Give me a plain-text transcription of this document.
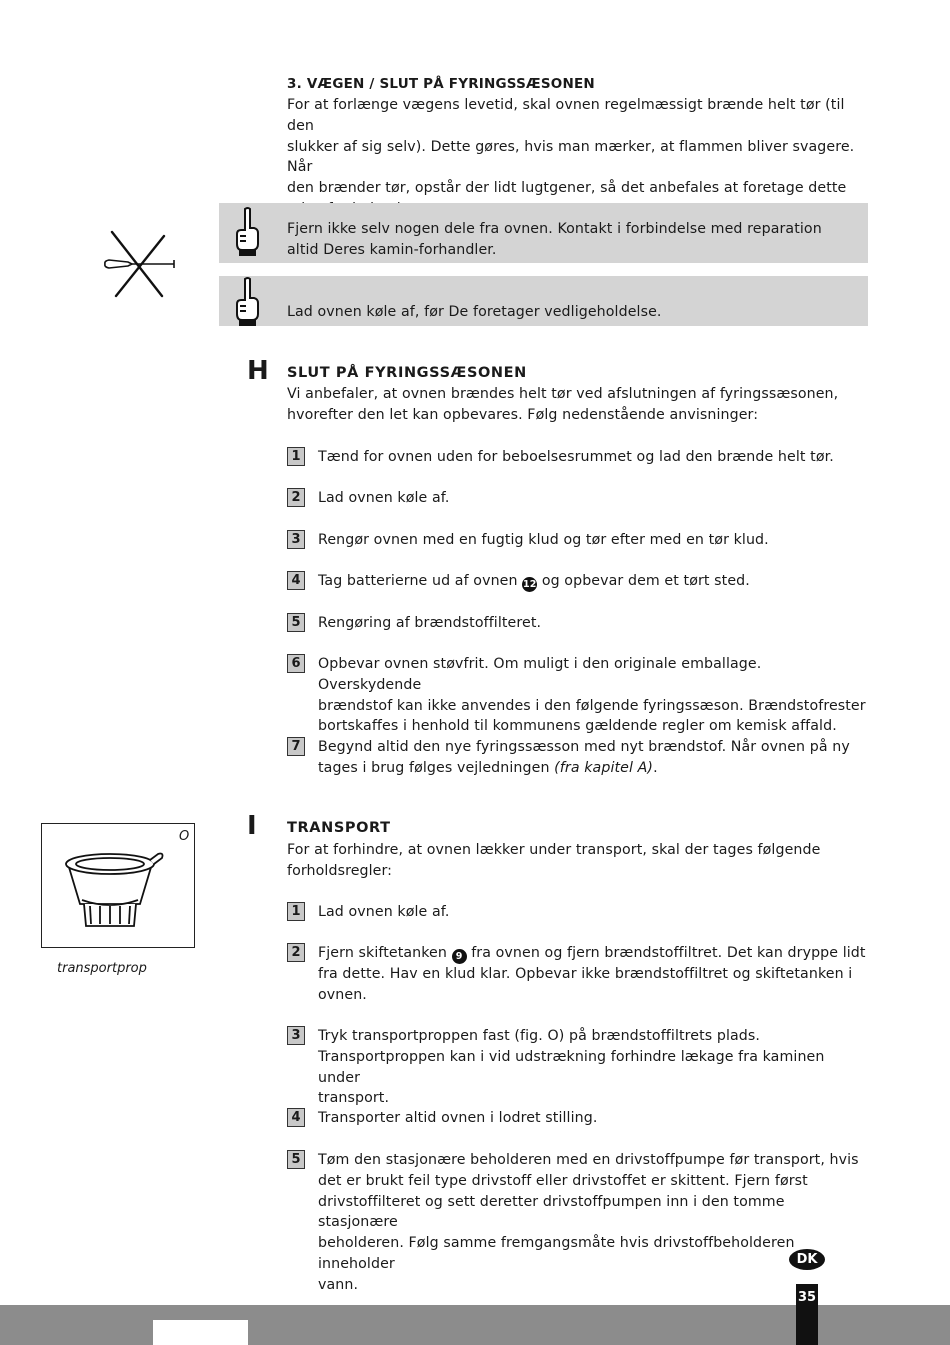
3. VÆGEN / SLUT PÅ FYRINGSSÆSONEN
For at forlænge vægens levetid, skal ovnen regelmæssigt brænde helt tør (til den
slukker af sig selv). Dette gøres, hvis man mærker, at flammen bliver svagere. Når
den brænder tør, opstår der lidt lugtgener, så det anbefales at foretage dette
Fjern ikke selv nogen dele fra ovnen. Kontakt i forbindelse med reparation
altid Deres kamin-forhandler.
Lad ovnen køle af, før De foretager vedligeholdelse.
H SLUT PÅ FYRINGSSÆSONEN
Vi anbefaler, at ovnen brændes helt tør ved afslutningen af fyringssæsonen,
hvorefter den let kan opbevares. Følg nedenstående anvisninger:
1	Tænd for ovnen uden for beboelsesrummet og lad den brænde helt tør.
2	Lad ovnen køle af.
3	Rengør ovnen med en fugtig klud og tør efter med en tør klud.
4	Tag batterierne ud af ovnen 12 og opbevar dem et tørt sted.
5	Rengøring af brændstoffilteret.
6	Opbevar ovnen støvfrit. Om muligt i den originale emballage. Overskydende
brændstof kan ikke anvendes i den følgende fyringssæson. Brændstofrester
bortskaffes i henhold til kommunens gældende regler om kemisk affald.
7	Begynd altid den nye fyringssæsson med nyt brændstof. Når ovnen på ny
tages i brug følges vejledningen (fra kapitel A).
I TRANSPORT
For at forhindre, at ovnen lækker under transport, skal der tages følgende
forholdsregler:
O
transportprop
1	Lad ovnen køle af.
2	Fjern skiftetanken 9 fra ovnen og fjern brændstoffiltret. Det kan dryppe lidt
fra dette. Hav en klud klar. Opbevar ikke brændstoffiltret og skiftetanken i
ovnen.
3	Tryk transportproppen fast (fig. O) på brændstoffiltrets plads.
Transportproppen kan i vid udstrækning forhindre lækage fra kaminen under
transport.
4	Transporter altid ovnen i lodret stilling.
5	Tøm den stasjonære beholderen med en drivstoffpumpe før transport, hvis
det er brukt feil type drivstoff eller drivstoffet er skittent. Fjern først
drivstoffilteret og sett deretter drivstoffpumpen inn i den tomme stasjonære
beholderen. Følg samme fremgangsmåte hvis drivstoffbeholderen inneholder
vann.
DK
35
